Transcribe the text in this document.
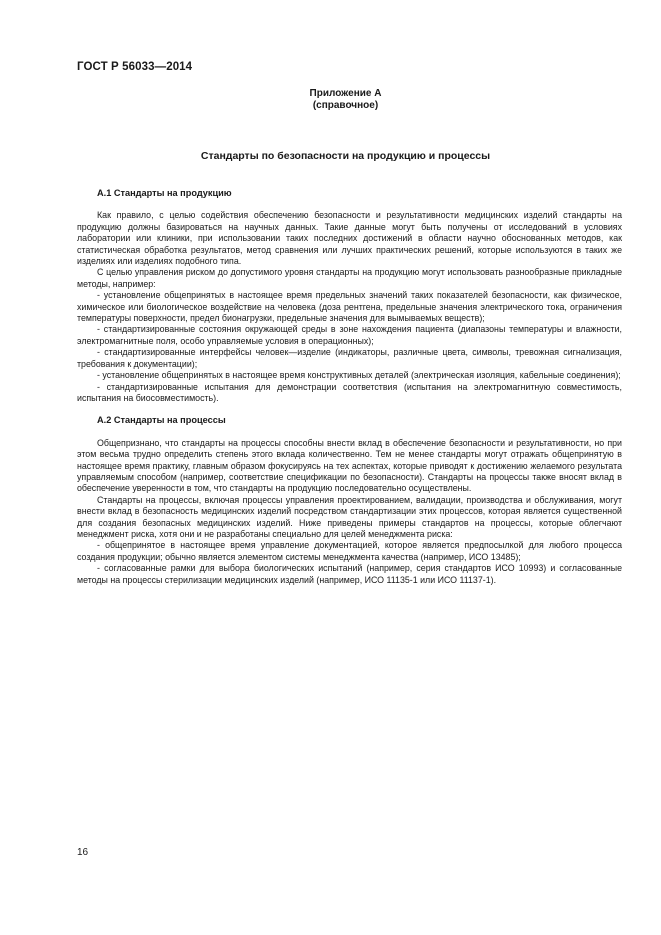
ГОСТ Р 56033—2014
Приложение А
(справочное)
Стандарты по безопасности на продукцию и процессы
А.1 Стандарты на продукцию

Как правило, с целью содействия обеспечению безопасности и результативности медицинских изделий стандарты на продукцию должны базироваться на научных данных. Такие данные могут быть получены от исследований в условиях лаборатории или клиники, при использовании таких последних достижений в области научно обоснованных методов, как статистическая обработка результатов, метод сравнения или лучших практических решений, которые используются в таких же изделиях или изделиях подобного типа.

С целью управления риском до допустимого уровня стандарты на продукцию могут использовать разнообразные прикладные методы, например:

- установление общепринятых в настоящее время предельных значений таких показателей безопасности, как физическое, химическое или биологическое воздействие на человека (доза рентгена, предельные значения электрического тока, ограничения температуры поверхности, предел бионагрузки, предельные значения для вымываемых веществ);

- стандартизированные состояния окружающей среды в зоне нахождения пациента (диапазоны температуры и влажности, электромагнитные поля, особо управляемые условия в операционных);

- стандартизированные интерфейсы человек—изделие (индикаторы, различные цвета, символы, тревожная сигнализация, требования к документации);

- установление общепринятых в настоящее время конструктивных деталей (электрическая изоляция, кабельные соединения);

- стандартизированные испытания для демонстрации соответствия (испытания на электромагнитную совместимость, испытания на биосовместимость).

А.2 Стандарты на процессы

Общепризнано, что стандарты на процессы способны внести вклад в обеспечение безопасности и результативности, но при этом весьма трудно определить степень этого вклада количественно. Тем не менее стандарты могут отражать общепринятую в настоящее время практику, главным образом фокусируясь на тех аспектах, которые приводят к достижению желаемого результата управляемым способом (например, соответствие спецификации по безопасности). Стандарты на процессы также вносят вклад в обеспечение уверенности в том, что стандарты на продукцию последовательно осуществлены.

Стандарты на процессы, включая процессы управления проектированием, валидации, производства и обслуживания, могут внести вклад в безопасность медицинских изделий посредством стандартизации этих процессов, которая является существенной для создания безопасных медицинских изделий. Ниже приведены примеры стандартов на процессы, которые облегчают менеджмент риска, хотя они и не разработаны специально для целей менеджмента риска:

- общепринятое в настоящее время управление документацией, которое является предпосылкой для любого процесса создания продукции; обычно является элементом системы менеджмента качества (например, ИСО 13485);

- согласованные рамки для выбора биологических испытаний (например, серия стандартов ИСО 10993) и согласованные методы на процессы стерилизации медицинских изделий (например, ИСО 11135-1 или ИСО 11137-1).

16
